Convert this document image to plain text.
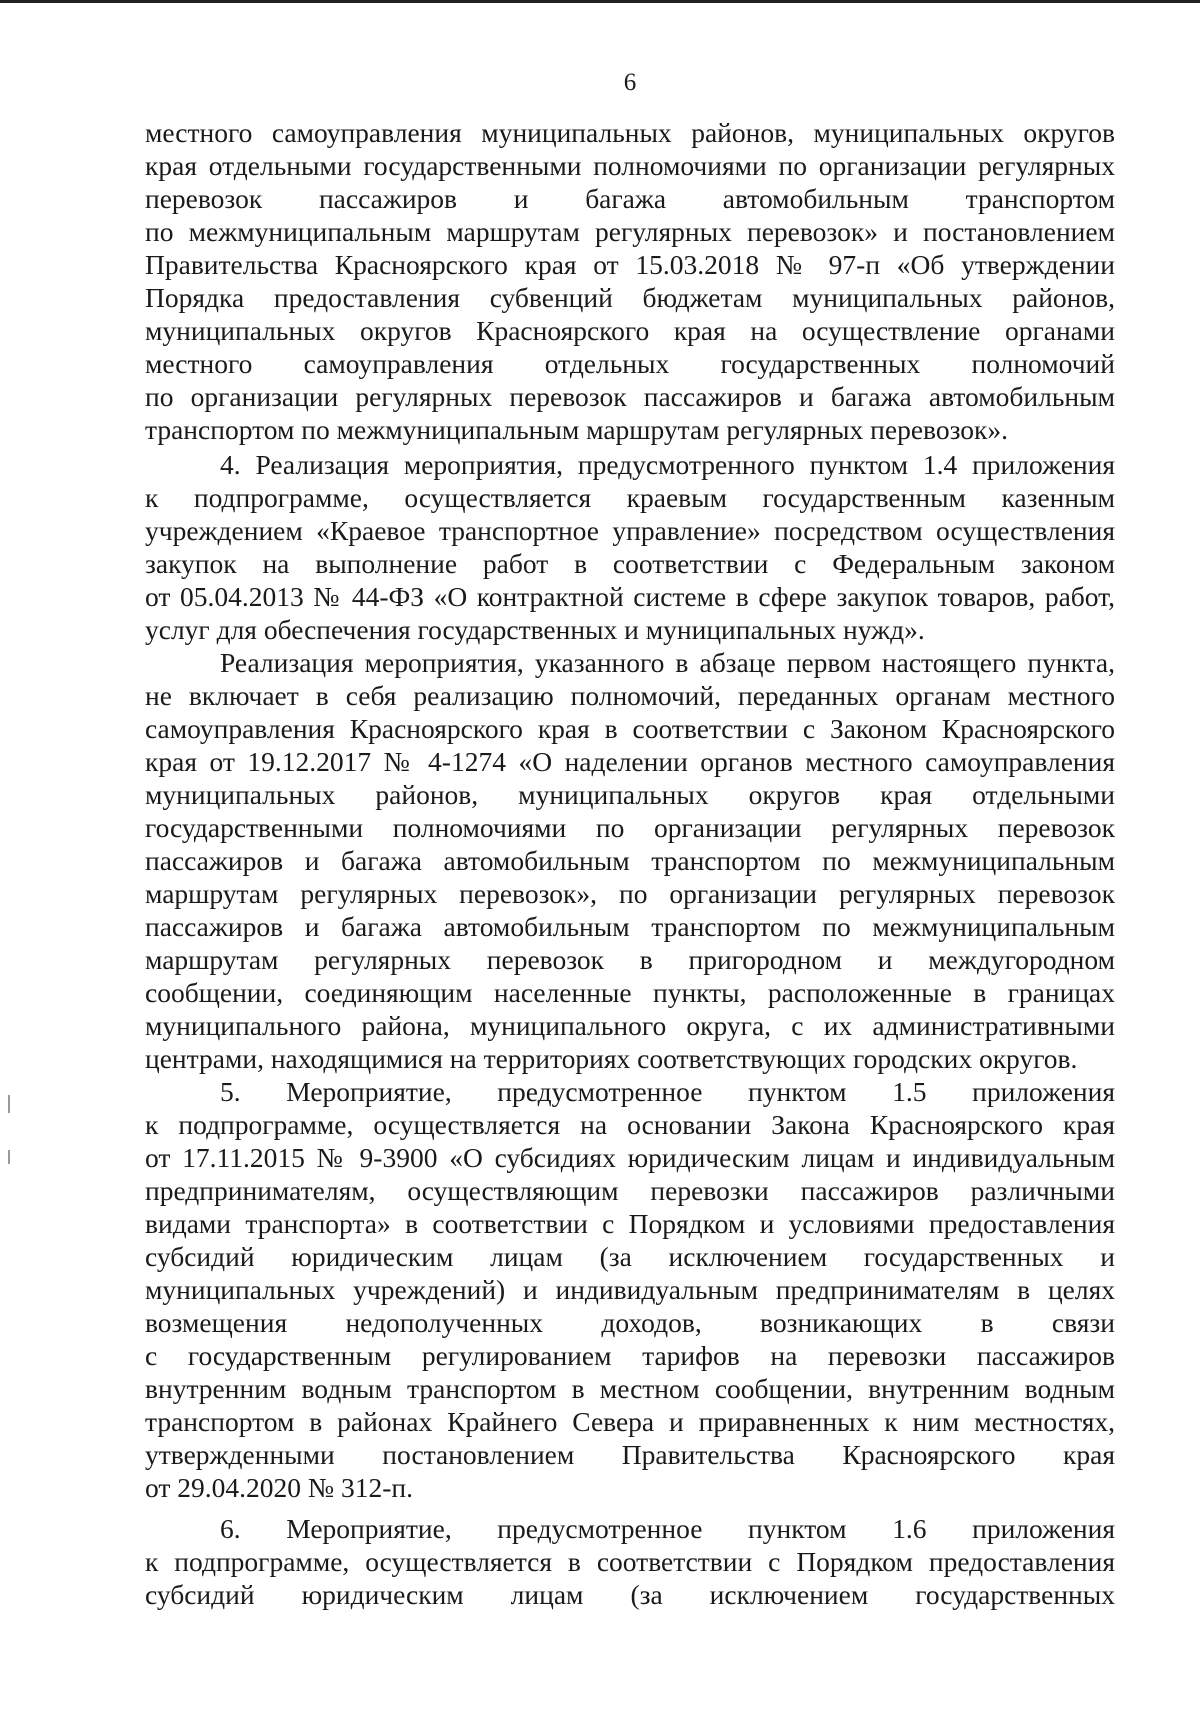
6
местного самоуправления муниципальных районов, муниципальных округов
края отдельными государственными полномочиями по организации регулярных
перевозок пассажиров и багажа автомобильным транспортом
по межмуниципальным маршрутам регулярных перевозок» и постановлением
Правительства Красноярского края от 15.03.2018 № 97-п «Об утверждении
Порядка предоставления субвенций бюджетам муниципальных районов,
муниципальных округов Красноярского края на осуществление органами
местного самоуправления отдельных государственных полномочий
по организации регулярных перевозок пассажиров и багажа автомобильным
транспортом по межмуниципальным маршрутам регулярных перевозок».
4. Реализация мероприятия, предусмотренного пунктом 1.4 приложения
к подпрограмме, осуществляется краевым государственным казенным
учреждением «Краевое транспортное управление» посредством осуществления
закупок на выполнение работ в соответствии с Федеральным законом
от 05.04.2013 № 44-ФЗ «О контрактной системе в сфере закупок товаров, работ,
услуг для обеспечения государственных и муниципальных нужд».
Реализация мероприятия, указанного в абзаце первом настоящего пункта,
не включает в себя реализацию полномочий, переданных органам местного
самоуправления Красноярского края в соответствии с Законом Красноярского
края от 19.12.2017 № 4-1274 «О наделении органов местного самоуправления
муниципальных районов, муниципальных округов края отдельными
государственными полномочиями по организации регулярных перевозок
пассажиров и багажа автомобильным транспортом по межмуниципальным
маршрутам регулярных перевозок», по организации регулярных перевозок
пассажиров и багажа автомобильным транспортом по межмуниципальным
маршрутам регулярных перевозок в пригородном и междугородном
сообщении, соединяющим населенные пункты, расположенные в границах
муниципального района, муниципального округа, с их административными
центрами, находящимися на территориях соответствующих городских округов.
5. Мероприятие, предусмотренное пунктом 1.5 приложения
к подпрограмме, осуществляется на основании Закона Красноярского края
от 17.11.2015 № 9-3900 «О субсидиях юридическим лицам и индивидуальным
предпринимателям, осуществляющим перевозки пассажиров различными
видами транспорта» в соответствии с Порядком и условиями предоставления
субсидий юридическим лицам (за исключением государственных и
муниципальных учреждений) и индивидуальным предпринимателям в целях
возмещения недополученных доходов, возникающих в связи
с государственным регулированием тарифов на перевозки пассажиров
внутренним водным транспортом в местном сообщении, внутренним водным
транспортом в районах Крайнего Севера и приравненных к ним местностях,
утвержденными постановлением Правительства Красноярского края
от 29.04.2020 № 312-п.
6. Мероприятие, предусмотренное пунктом 1.6 приложения
к подпрограмме, осуществляется в соответствии с Порядком предоставления
субсидий юридическим лицам (за исключением государственных
